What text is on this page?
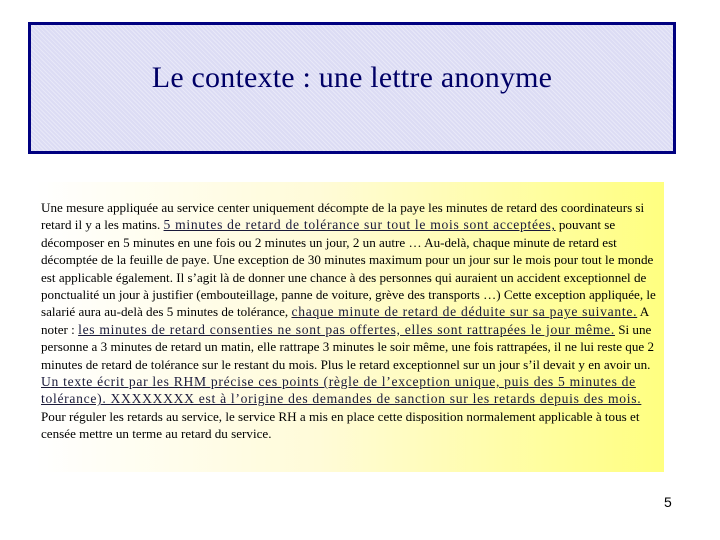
Le contexte : une lettre anonyme
Une mesure appliquée au service center uniquement décompte de la paye les minutes de retard des coordinateurs si retard il y a les matins. 5 minutes de retard de tolérance sur tout le mois sont acceptées, pouvant se décomposer en 5 minutes en une fois ou 2 minutes un jour, 2 un autre … Au-delà, chaque minute de retard est décomptée de la feuille de paye. Une exception de 30 minutes maximum pour un jour sur le mois pour tout le monde est applicable également. Il s’agit là de donner une chance à des personnes qui auraient un accident exceptionnel de ponctualité un jour à justifier (embouteillage, panne de voiture, grève des transports …) Cette exception appliquée, le salarié aura au-delà des 5 minutes de tolérance, chaque minute de retard de déduite sur sa paye suivante. A noter : les minutes de retard consenties ne sont pas offertes, elles sont rattrapées le jour même. Si une personne a 3 minutes de retard un matin, elle rattrape 3 minutes le soir même, une fois rattrapées, il ne lui reste que 2 minutes de retard de tolérance sur le restant du mois. Plus le retard exceptionnel sur un jour s’il devait y en avoir un. Un texte écrit par les RHM précise ces points (règle de l’exception unique, puis des 5 minutes de tolérance). XXXXXXXX est à l’origine des demandes de sanction sur les retards depuis des mois. Pour réguler les retards au service, le service RH a mis en place cette disposition normalement applicable à tous et censée mettre un terme au retard du service.
5
